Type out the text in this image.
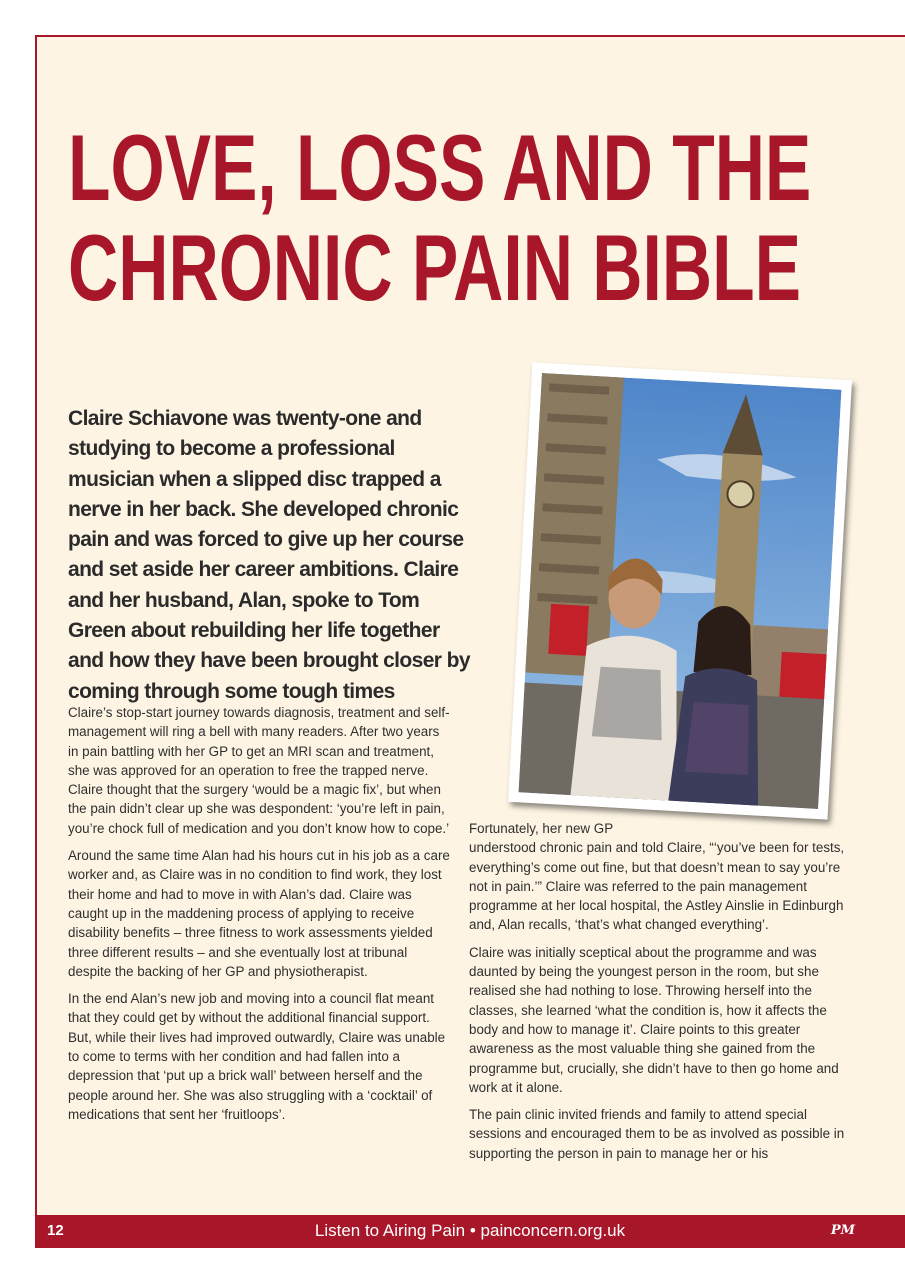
LOVE, LOSS AND THE
CHRONIC PAIN BIBLE

Claire Schiavone was twenty-one and studying to become a professional musician when a slipped disc trapped a nerve in her back. She developed chronic pain and was forced to give up her course and set aside her career ambitions. Claire and her husband, Alan, spoke to Tom Green about rebuilding her life together and how they have been brought closer by coming through some tough times

Claire’s stop-start journey towards diagnosis, treatment and self-management will ring a bell with many readers. After two years in pain battling with her GP to get an MRI scan and treatment, she was approved for an operation to free the trapped nerve. Claire thought that the surgery ‘would be a magic fix’, but when the pain didn’t clear up she was despondent: ‘you’re left in pain, you’re chock full of medication and you don’t know how to cope.’

Around the same time Alan had his hours cut in his job as a care worker and, as Claire was in no condition to find work, they lost their home and had to move in with Alan’s dad. Claire was caught up in the maddening process of applying to receive disability benefits – three fitness to work assessments yielded three different results – and she eventually lost at tribunal despite the backing of her GP and physiotherapist.

In the end Alan’s new job and moving into a council flat meant that they could get by without the additional financial support. But, while their lives had improved outwardly, Claire was unable to come to terms with her condition and had fallen into a depression that ‘put up a brick wall’ between herself and the people around her. She was also struggling with a ‘cocktail’ of medications that sent her ‘fruitloops’.

Fortunately, her new GP
understood chronic pain and told Claire, “‘you’ve been for tests, everything’s come out fine, but that doesn’t mean to say you’re not in pain.’” Claire was referred to the pain management programme at her local hospital, the Astley Ainslie in Edinburgh and, Alan recalls, ‘that’s what changed everything’.

Claire was initially sceptical about the programme and was daunted by being the youngest person in the room, but she realised she had nothing to lose. Throwing herself into the classes, she learned ‘what the condition is, how it affects the body and how to manage it’. Claire points to this greater awareness as the most valuable thing she gained from the programme but, crucially, she didn’t have to then go home and work at it alone.

The pain clinic invited friends and family to attend special sessions and encouraged them to be as involved as possible in supporting the person in pain to manage her or his

12	Listen to Airing Pain • painconcern.org.uk	PM
